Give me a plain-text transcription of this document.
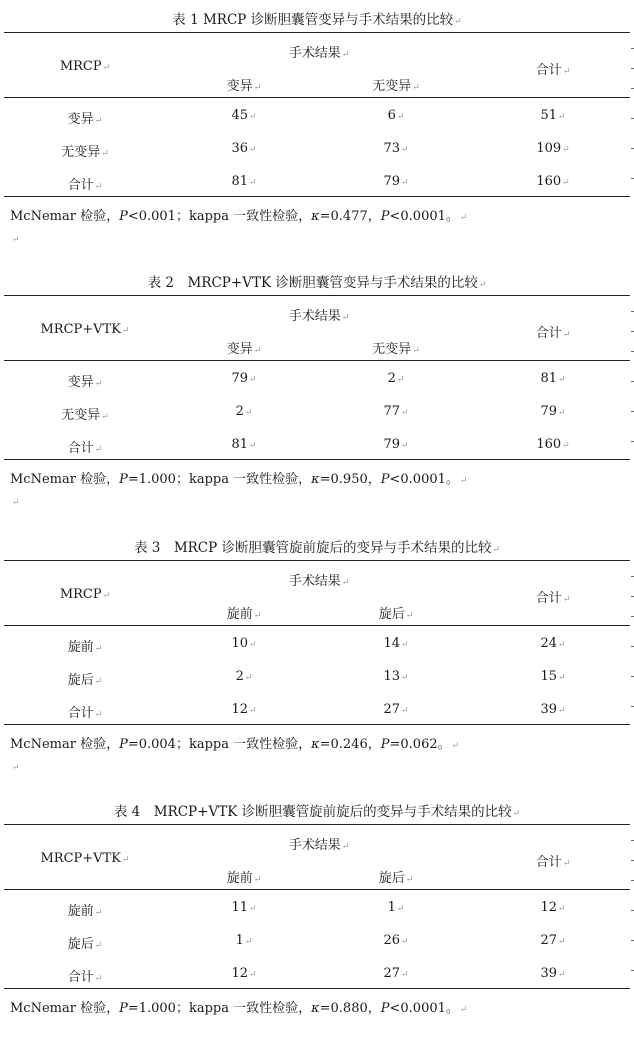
表 1 MRCP 诊断胆囊管变异与手术结果的比较↵
MRCP↵
手术结果↵
变异↵	无变异↵
合计↵
变异↵	45↵	6↵	51↵
无变异↵	36↵	73↵	109↵
合计↵	81↵	79↵	160↵
McNemar 检验，P<0.001；kappa 一致性检验，κ=0.477，P<0.0001。↵
↵
表 2　MRCP+VTK 诊断胆囊管变异与手术结果的比较↵
MRCP+VTK↵
手术结果↵
变异↵	无变异↵
合计↵
变异↵	79↵	2↵	81↵
无变异↵	2↵	77↵	79↵
合计↵	81↵	79↵	160↵
McNemar 检验，P=1.000；kappa 一致性检验，κ=0.950，P<0.0001。↵
↵
表 3　MRCP 诊断胆囊管旋前旋后的变异与手术结果的比较↵
MRCP↵
手术结果↵
旋前↵	旋后↵
合计↵
旋前↵	10↵	14↵	24↵
旋后↵	2↵	13↵	15↵
合计↵	12↵	27↵	39↵
McNemar 检验，P=0.004；kappa 一致性检验，κ=0.246，P=0.062。↵
↵
表 4　MRCP+VTK 诊断胆囊管旋前旋后的变异与手术结果的比较↵
MRCP+VTK↵
手术结果↵
旋前↵	旋后↵
合计↵
旋前↵	11↵	1↵	12↵
旋后↵	1↵	26↵	27↵
合计↵	12↵	27↵	39↵
McNemar 检验，P=1.000；kappa 一致性检验，κ=0.880，P<0.0001。↵
